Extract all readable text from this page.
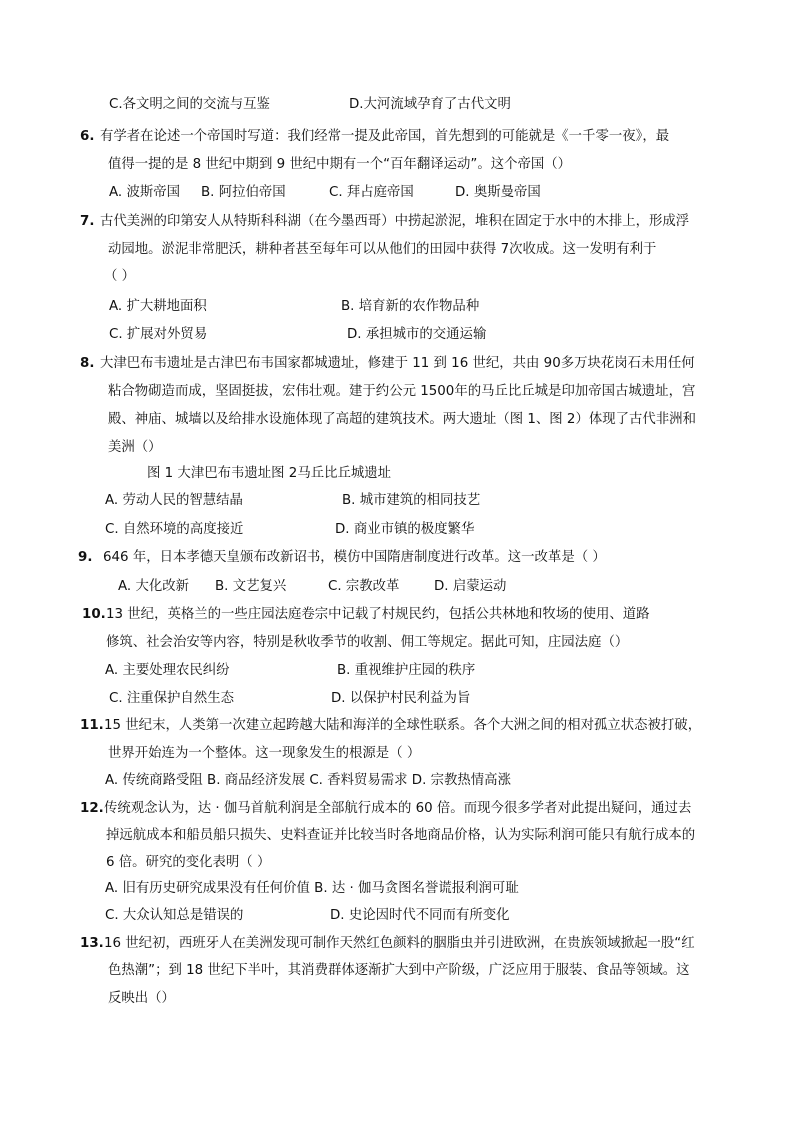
C.各文明之间的交流与互鉴	D.大河流域孕育了古代文明
6. 有学者在论述一个帝国时写道：我们经常一提及此帝国，首先想到的可能就是《一千零一夜》，最
值得一提的是 8 世纪中期到 9 世纪中期有一个“百年翻译运动”。这个帝国（）
A. 波斯帝国 B. 阿拉伯帝国	C. 拜占庭帝国	D. 奥斯曼帝国
7. 古代美洲的印第安人从特斯科科湖（在今墨西哥）中捞起淤泥，堆积在固定于水中的木排上，形成浮
动园地。淤泥非常肥沃，耕种者甚至每年可以从他们的田园中获得 7次收成。这一发明有利于
（ ）
A. 扩大耕地面积	B. 培育新的农作物品种
C. 扩展对外贸易	D. 承担城市的交通运输
8. 大津巴布韦遗址是古津巴布韦国家都城遗址，修建于 11 到 16 世纪，共由 90多万块花岗石未用任何
粘合物砌造而成，坚固挺拔，宏伟壮观。建于约公元 1500年的马丘比丘城是印加帝国古城遗址，宫
殿、神庙、城墙以及给排水设施体现了高超的建筑技术。两大遗址（图 1、图 2）体现了古代非洲和
美洲（）
图 1 大津巴布韦遗址图 2马丘比丘城遗址
A. 劳动人民的智慧结晶	B. 城市建筑的相同技艺
C. 自然环境的高度接近	D. 商业市镇的极度繁华
9. 646 年，日本孝德天皇颁布改新诏书，模仿中国隋唐制度进行改革。这一改革是（ ）
A. 大化改新 B. 文艺复兴	C. 宗教改革	D. 启蒙运动
10. 13 世纪，英格兰的一些庄园法庭卷宗中记载了村规民约，包括公共林地和牧场的使用、道路
修筑、社会治安等内容，特别是秋收季节的收割、佣工等规定。据此可知，庄园法庭（）
A. 主要处理农民纠纷	B. 重视维护庄园的秩序
C. 注重保护自然生态	D. 以保护村民利益为旨
11. 15 世纪末，人类第一次建立起跨越大陆和海洋的全球性联系。各个大洲之间的相对孤立状态被打破，
世界开始连为一个整体。这一现象发生的根源是（ ）
A. 传统商路受阻 B. 商品经济发展 C. 香料贸易需求 D. 宗教热情高涨
12. 传统观念认为，达 · 伽马首航利润是全部航行成本的 60 倍。而现今很多学者对此提出疑问，通过去
掉远航成本和船员船只损失、史料查证并比较当时各地商品价格，认为实际利润可能只有航行成本的
6 倍。研究的变化表明（ ）
A. 旧有历史研究成果没有任何价值 B. 达 · 伽马贪图名誉谎报利润可耻
C. 大众认知总是错误的	D. 史论因时代不同而有所变化
13. 16 世纪初，西班牙人在美洲发现可制作天然红色颜料的胭脂虫并引进欧洲，在贵族领域掀起一股“红
色热潮”；到 18 世纪下半叶，其消费群体逐渐扩大到中产阶级，广泛应用于服装、食品等领域。这
反映出（）
